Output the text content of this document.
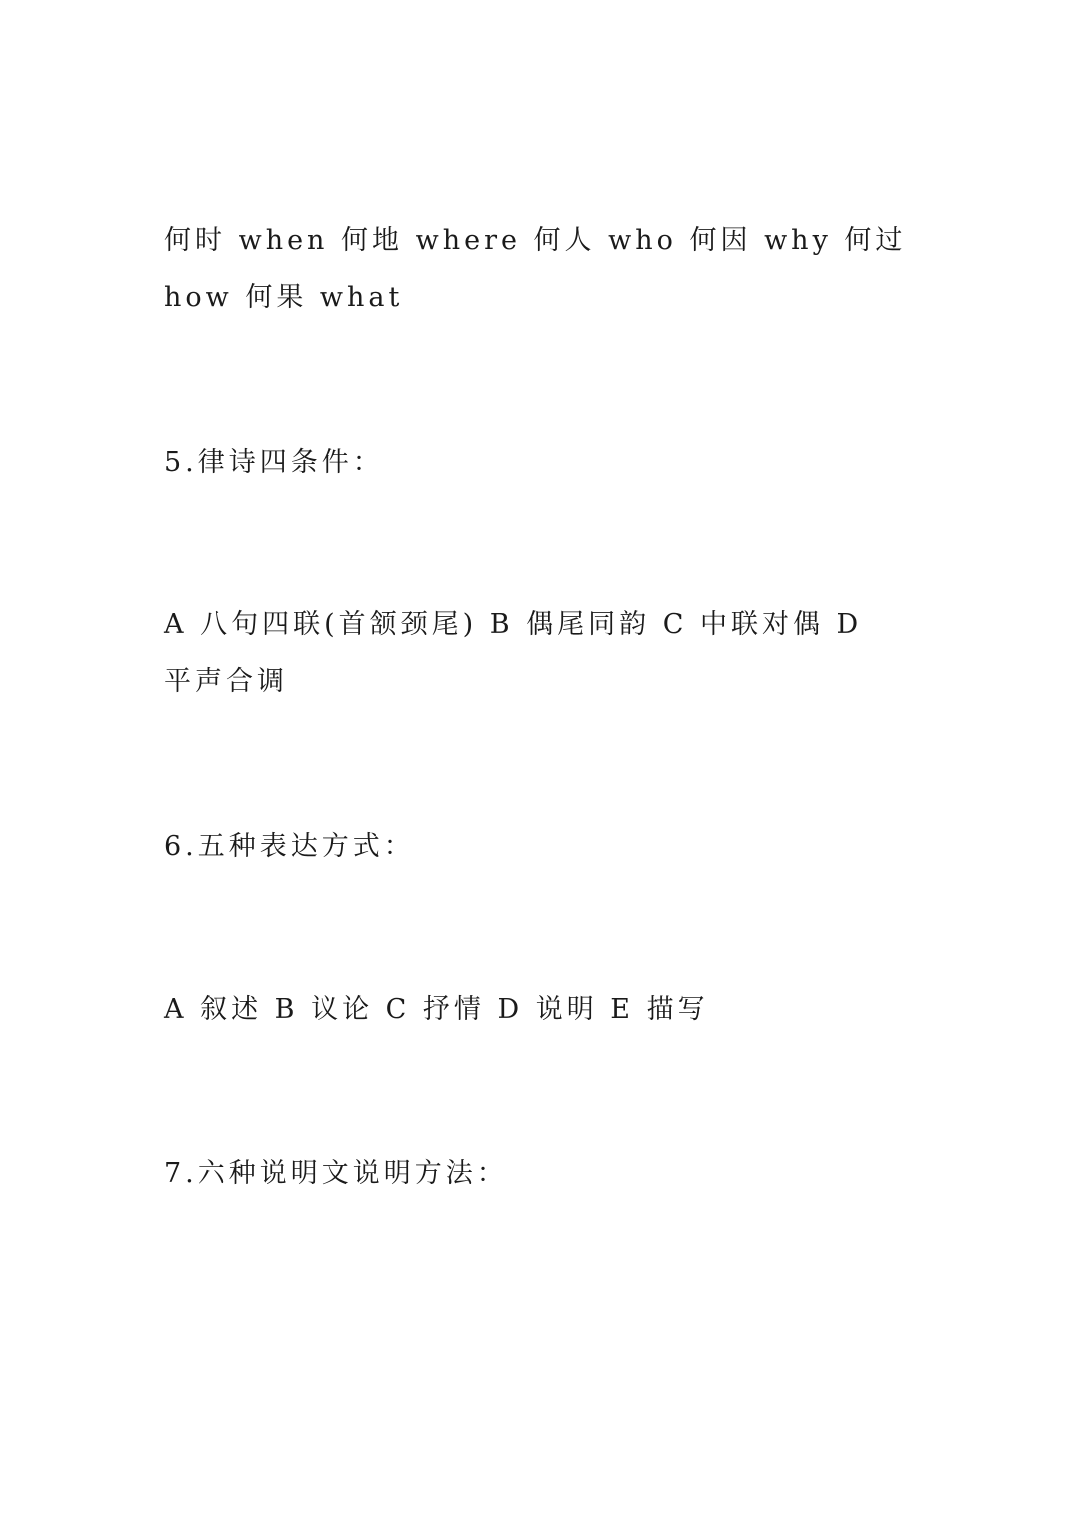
何时 when 何地 where 何人 who 何因 why 何过

how 何果 what

5.律诗四条件：

A 八句四联(首颔颈尾) B 偶尾同韵 C 中联对偶 D

平声合调

6.五种表达方式：

A 叙述 B 议论 C 抒情 D 说明 E 描写

7.六种说明文说明方法：
